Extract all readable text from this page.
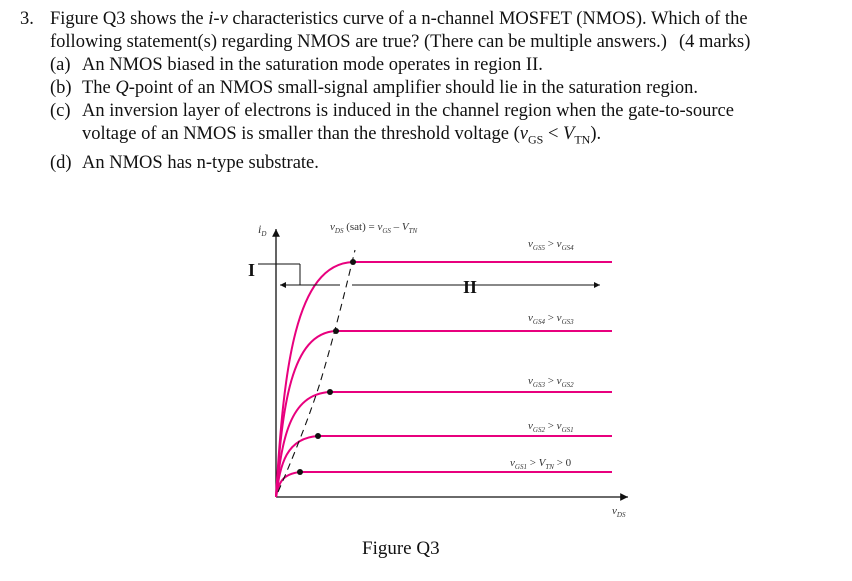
3. Figure Q3 shows the i-v characteristics curve of a n-channel MOSFET (NMOS). Which of the
following statement(s) regarding NMOS are true? (There can be multiple answers.) (4 marks)
(a) An NMOS biased in the saturation mode operates in region II.
(b) The Q-point of an NMOS small-signal amplifier should lie in the saturation region.
(c) An inversion layer of electrons is induced in the channel region when the gate-to-source
voltage of an NMOS is smaller than the threshold voltage $(v_{GS} < V_{TN})$.
(d) An NMOS has n-type substrate.
$i_D$
$v_{DS}$
$v_{DS}$ $(sat) = v_{GS} - V_{TN}$
I
II
$v_{GS5} > v_{GS4}$
$v_{GS4} > v_{GS3}$
$v_{GS3} > v_{GS2}$
$v_{GS2} > v_{GS1}$
$v_{GS1} > V_{TN} > 0$
Figure Q3
